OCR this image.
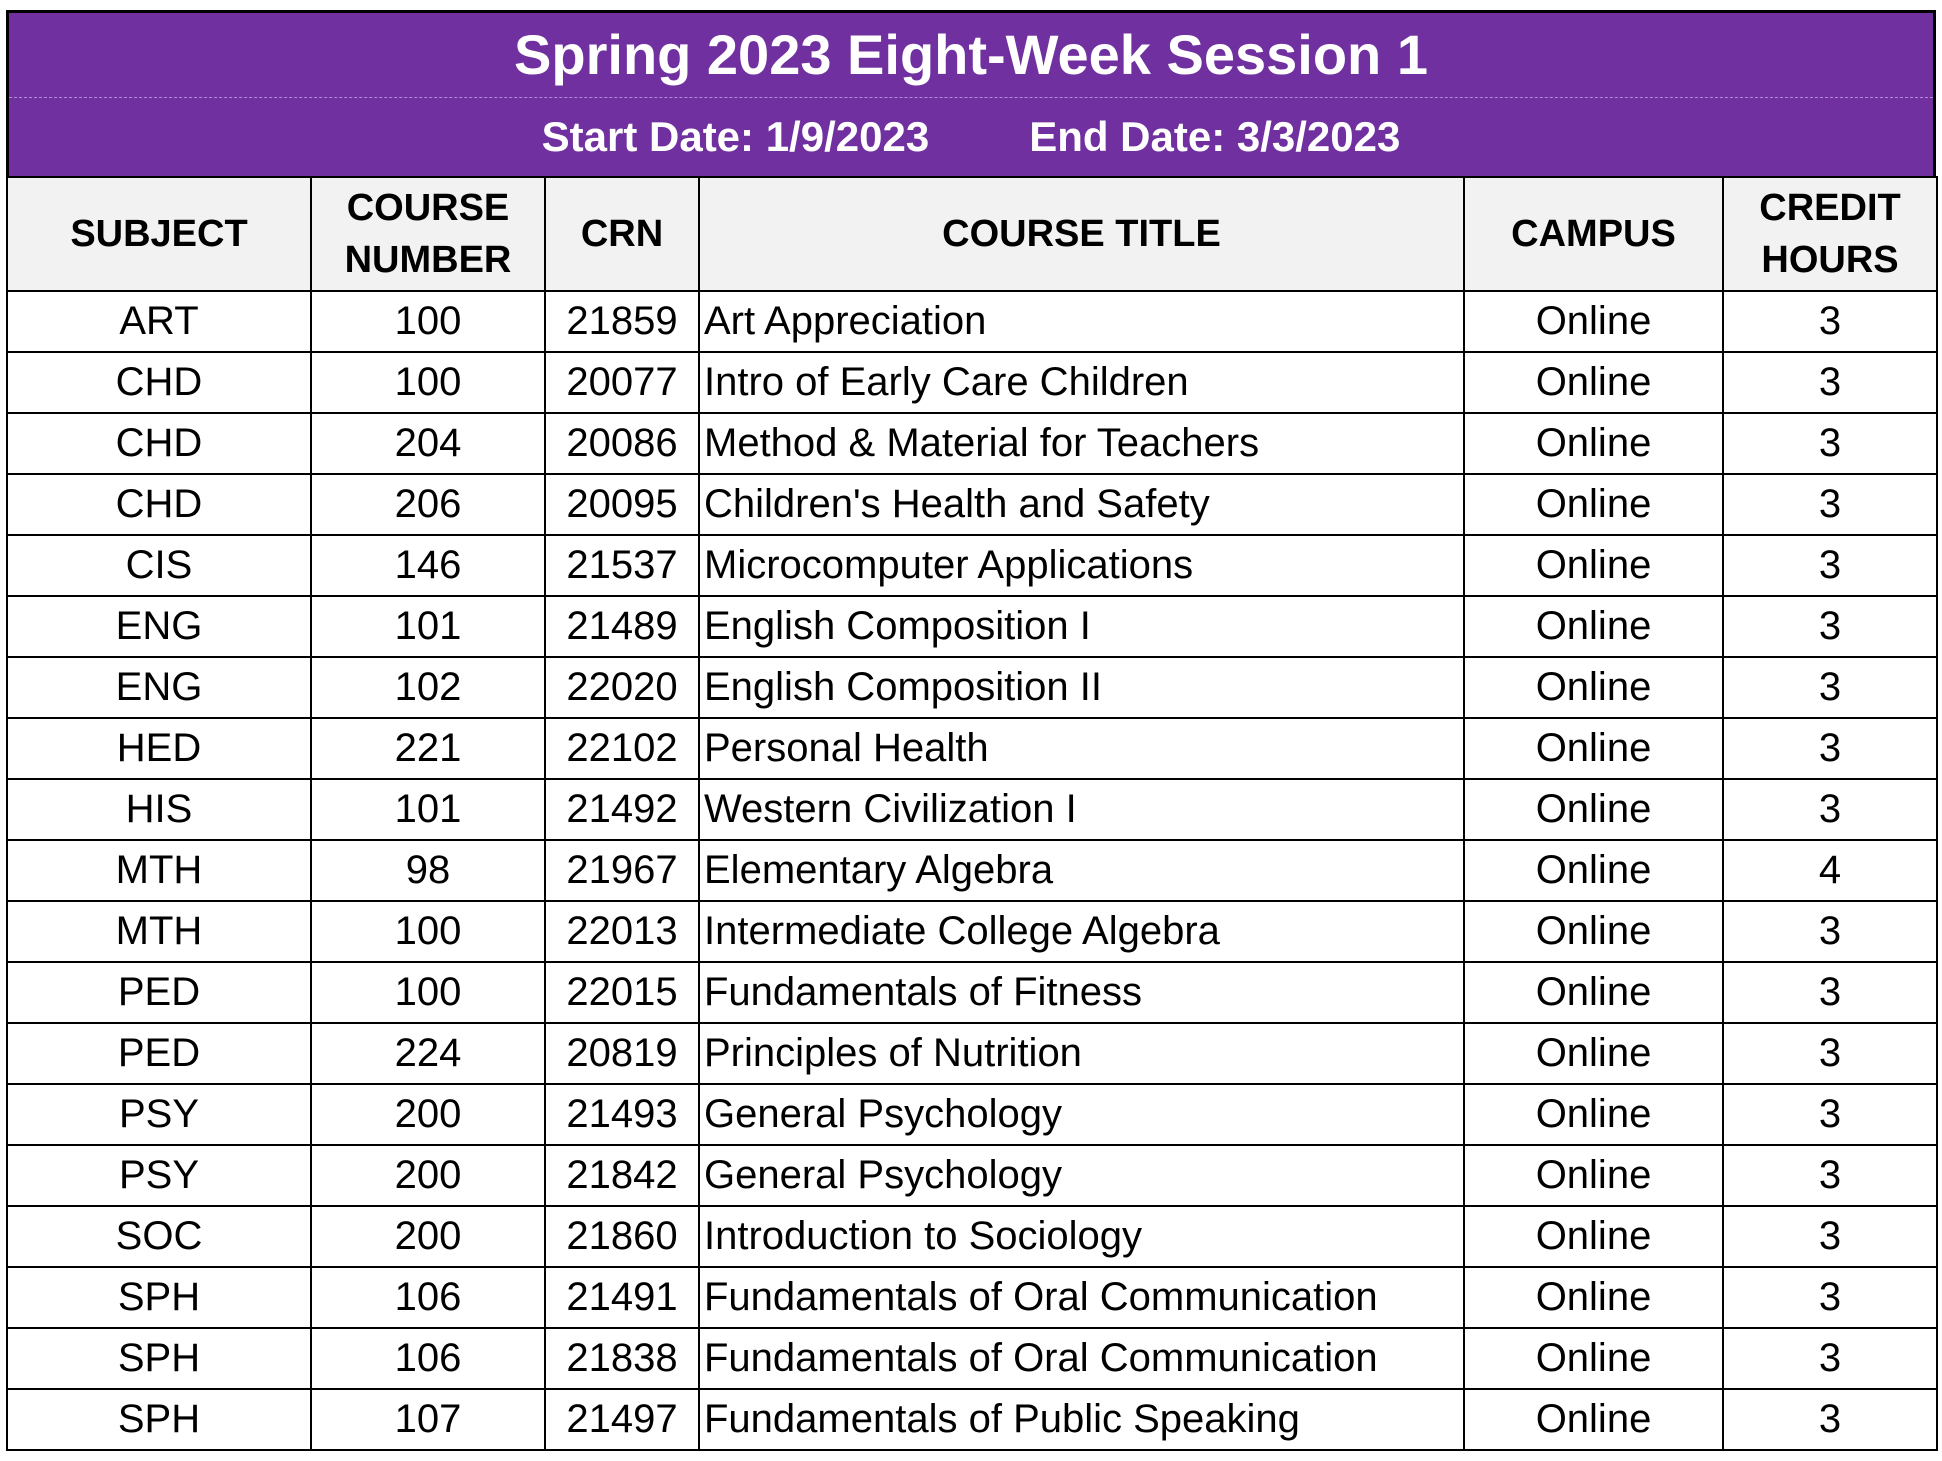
Spring 2023 Eight-Week Session 1
Start Date: 1/9/2023 End Date: 3/3/2023
SUBJECT	COURSE NUMBER	CRN	COURSE TITLE	CAMPUS	CREDIT HOURS
ART	100	21859	Art Appreciation	Online	3
CHD	100	20077	Intro of Early Care Children	Online	3
CHD	204	20086	Method & Material for Teachers	Online	3
CHD	206	20095	Children's Health and Safety	Online	3
CIS	146	21537	Microcomputer Applications	Online	3
ENG	101	21489	English Composition I	Online	3
ENG	102	22020	English Composition II	Online	3
HED	221	22102	Personal Health	Online	3
HIS	101	21492	Western Civilization I	Online	3
MTH	98	21967	Elementary Algebra	Online	4
MTH	100	22013	Intermediate College Algebra	Online	3
PED	100	22015	Fundamentals of Fitness	Online	3
PED	224	20819	Principles of Nutrition	Online	3
PSY	200	21493	General Psychology	Online	3
PSY	200	21842	General Psychology	Online	3
SOC	200	21860	Introduction to Sociology	Online	3
SPH	106	21491	Fundamentals of Oral Communication	Online	3
SPH	106	21838	Fundamentals of Oral Communication	Online	3
SPH	107	21497	Fundamentals of Public Speaking	Online	3
